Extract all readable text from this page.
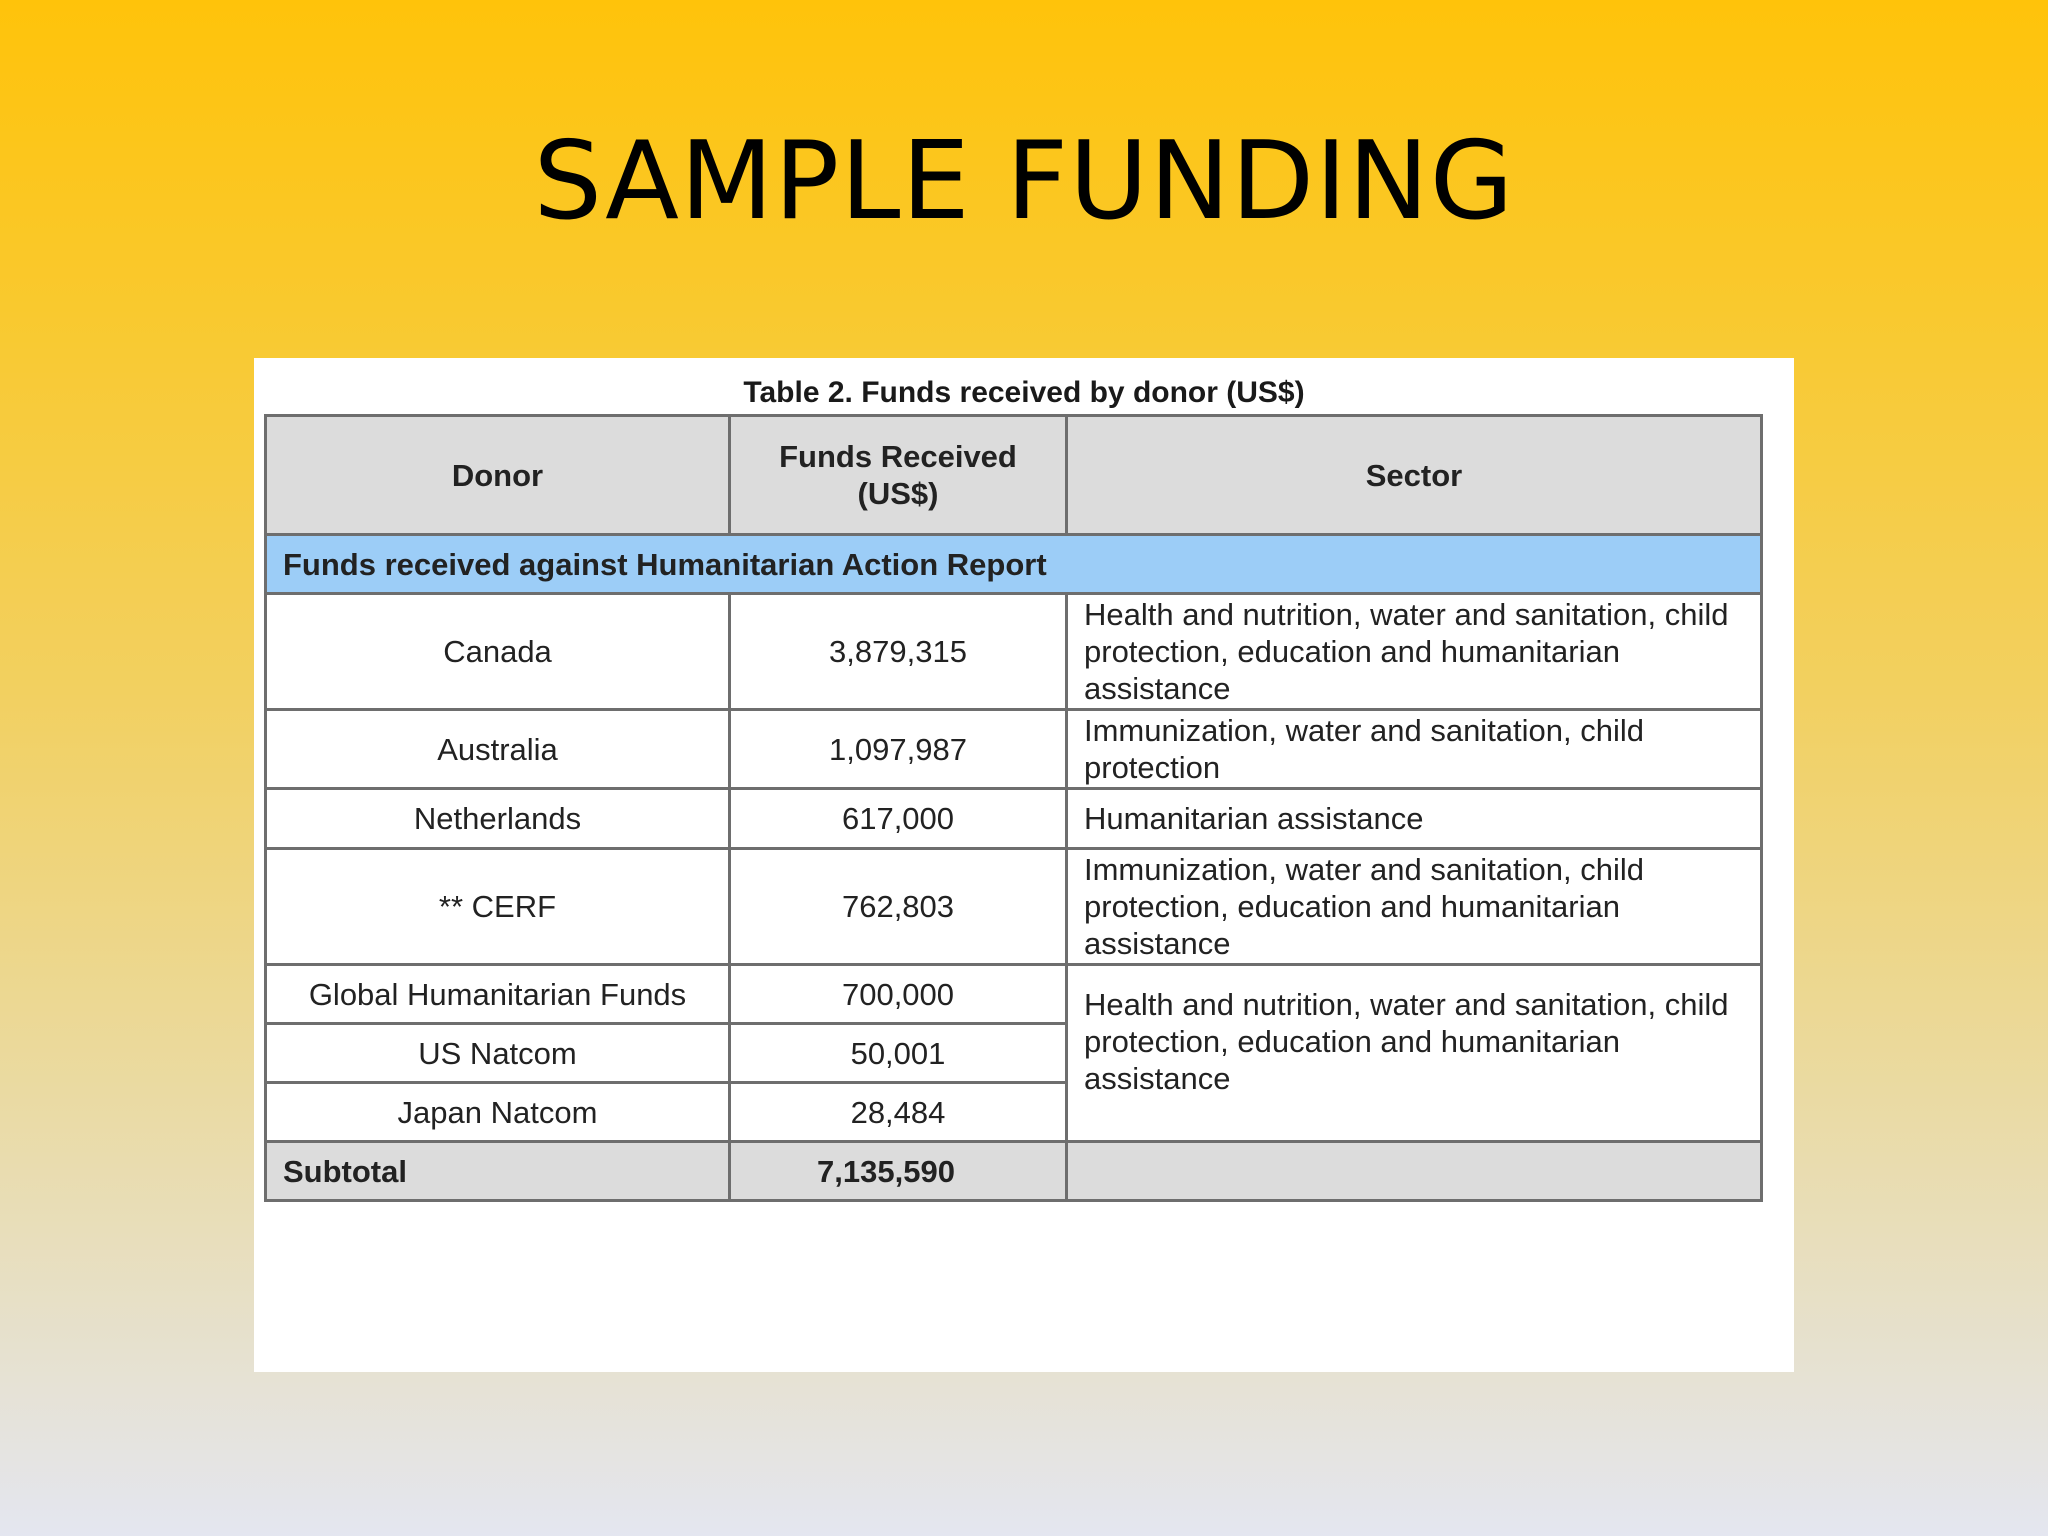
SAMPLE FUNDING
Table 2. Funds received by donor (US$)
Donor	Funds Received (US$)	Sector
Funds received against Humanitarian Action Report		
Canada	3,879,315	Health and nutrition, water and sanitation, child protection, education and humanitarian assistance
Australia	1,097,987	Immunization, water and sanitation, child protection
Netherlands	617,000	Humanitarian assistance
** CERF	762,803	Immunization, water and sanitation, child protection, education and humanitarian assistance
Global Humanitarian Funds	700,000	Health and nutrition, water and sanitation, child protection, education and humanitarian assistance
US Natcom	50,001	
Japan Natcom	28,484	
Subtotal	7,135,590	
